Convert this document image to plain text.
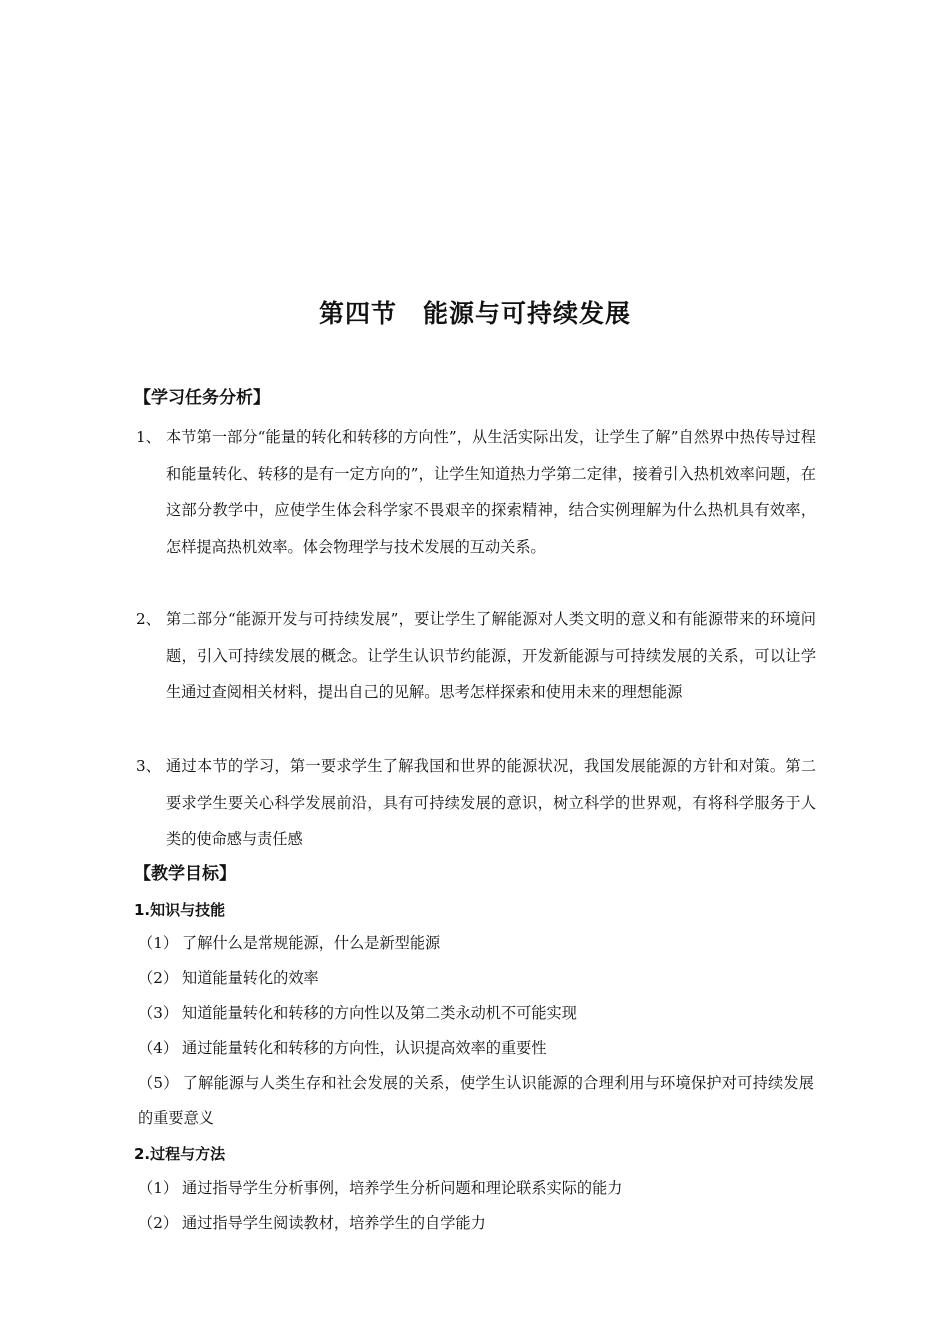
第四节　能源与可持续发展
【学习任务分析】
1、 本节第一部分“能量的转化和转移的方向性”，从生活实际出发，让学生了解”自然界中热传导过程和能量转化、转移的是有一定方向的”，让学生知道热力学第二定律，接着引入热机效率问题，在这部分教学中，应使学生体会科学家不畏艰辛的探索精神，结合实例理解为什么热机具有效率，怎样提高热机效率。体会物理学与技术发展的互动关系。
2、 第二部分“能源开发与可持续发展”，要让学生了解能源对人类文明的意义和有能源带来的环境问题，引入可持续发展的概念。让学生认识节约能源，开发新能源与可持续发展的关系，可以让学生通过查阅相关材料，提出自己的见解。思考怎样探索和使用未来的理想能源
3、 通过本节的学习，第一要求学生了解我国和世界的能源状况，我国发展能源的方针和对策。第二要求学生要关心科学发展前沿，具有可持续发展的意识，树立科学的世界观，有将科学服务于人类的使命感与责任感
【教学目标】
1.知识与技能
（1） 了解什么是常规能源，什么是新型能源
（2） 知道能量转化的效率
（3） 知道能量转化和转移的方向性以及第二类永动机不可能实现
（4） 通过能量转化和转移的方向性，认识提高效率的重要性
（5） 了解能源与人类生存和社会发展的关系，使学生认识能源的合理利用与环境保护对可持续发展的重要意义
2.过程与方法
（1） 通过指导学生分析事例，培养学生分析问题和理论联系实际的能力
（2） 通过指导学生阅读教材，培养学生的自学能力
